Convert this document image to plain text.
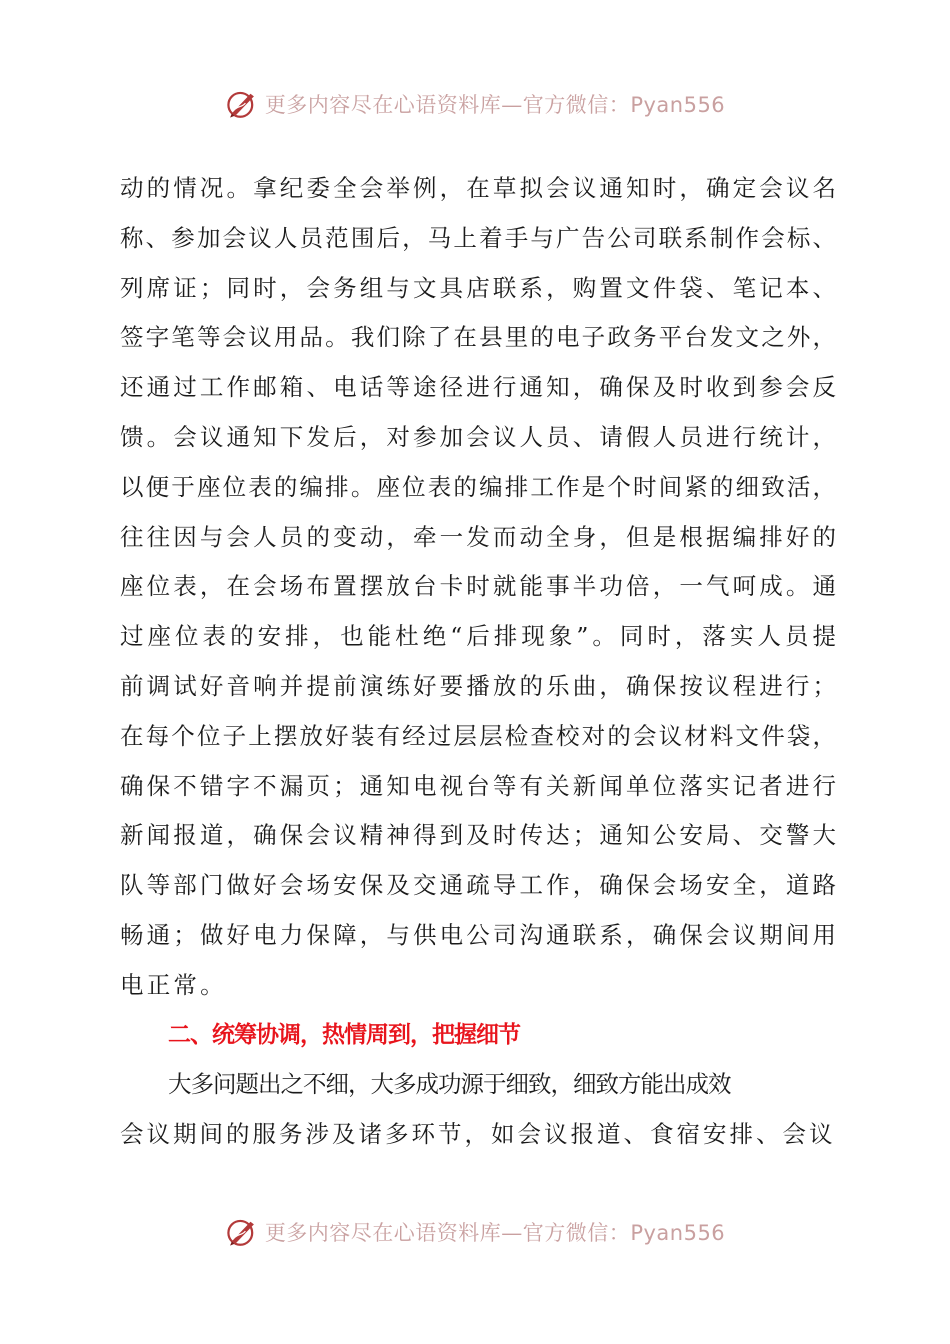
更多内容尽在心语资料库—官方微信：Pyan556
动的情况。拿纪委全会举例，在草拟会议通知时，确定会议名
称、参加会议人员范围后，马上着手与广告公司联系制作会标、
列席证；同时，会务组与文具店联系，购置文件袋、笔记本、
签字笔等会议用品。我们除了在县里的电子政务平台发文之外，
还通过工作邮箱、电话等途径进行通知，确保及时收到参会反
馈。会议通知下发后，对参加会议人员、请假人员进行统计，
以便于座位表的编排。座位表的编排工作是个时间紧的细致活，
往往因与会人员的变动，牵一发而动全身，但是根据编排好的
座位表，在会场布置摆放台卡时就能事半功倍，一气呵成。通
过座位表的安排，也能杜绝“后排现象”。同时，落实人员提
前调试好音响并提前演练好要播放的乐曲，确保按议程进行；
在每个位子上摆放好装有经过层层检查校对的会议材料文件袋，
确保不错字不漏页；通知电视台等有关新闻单位落实记者进行
新闻报道，确保会议精神得到及时传达；通知公安局、交警大
队等部门做好会场安保及交通疏导工作，确保会场安全，道路
畅通；做好电力保障，与供电公司沟通联系，确保会议期间用
电正常。
二、统筹协调，热情周到，把握细节
大多问题出之不细，大多成功源于细致，细致方能出成效
会议期间的服务涉及诸多环节，如会议报道、食宿安排、会议
更多内容尽在心语资料库—官方微信：Pyan556
